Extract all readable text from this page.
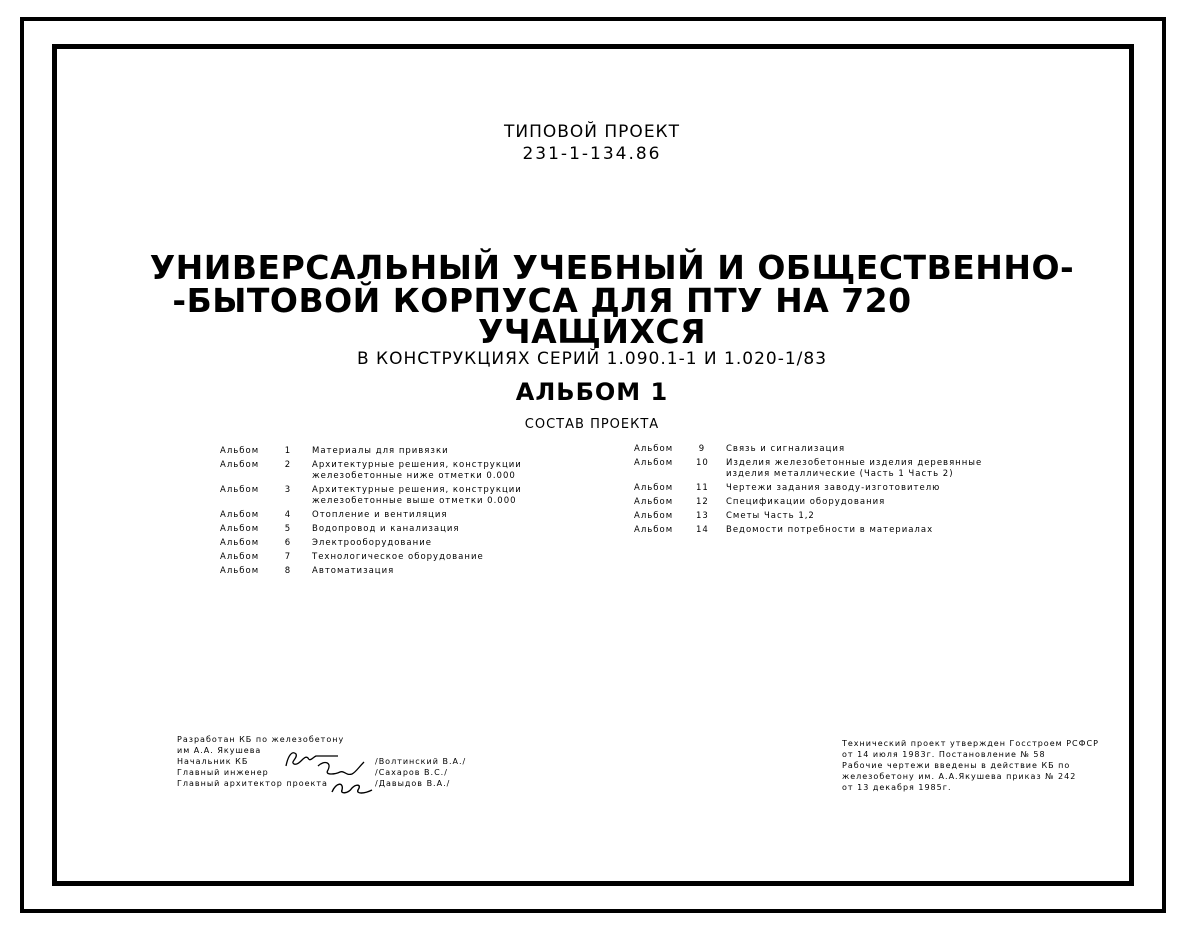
ТИПОВОЙ ПРОЕКТ
231-1-134.86
УНИВЕРСАЛЬНЫЙ УЧЕБНЫЙ И ОБЩЕСТВЕННО-
-БЫТОВОЙ КОРПУСА ДЛЯ ПТУ НА 720
УЧАЩИХСЯ
В КОНСТРУКЦИЯХ СЕРИЙ 1.090.1-1 И 1.020-1/83
АЛЬБОМ 1
СОСТАВ ПРОЕКТА
Альбом	1	Материалы для привязки
Альбом	2	Архитектурные решения, конструкции
железобетонные ниже отметки 0.000
Альбом	3	Архитектурные решения, конструкции
железобетонные выше отметки 0.000
Альбом	4	Отопление и вентиляция
Альбом	5	Водопровод и канализация
Альбом	6	Электрооборудование
Альбом	7	Технологическое оборудование
Альбом	8	Автоматизация
Альбом	9	Связь и сигнализация
Альбом	10 Изделия железобетонные изделия деревянные
изделия металлические (Часть 1 Часть 2)
Альбом	11 Чертежи задания заводу-изготовителю
Альбом	12 Спецификации оборудования
Альбом	13 Сметы Часть 1,2
Альбом	14 Ведомости потребности в материалах
Разработан КБ по железобетону
им А.А. Якушева
Начальник КБ	/Волтинский В.А./
Главный инженер	/Сахаров В.С./
Главный архитектор проекта	/Давыдов В.А./
Технический проект утвержден Госстроем РСФСР
от 14 июля 1983г. Постановление № 58
Рабочие чертежи введены в действие КБ по
железобетону им. А.А.Якушева приказ № 242
от 13 декабря 1985г.
